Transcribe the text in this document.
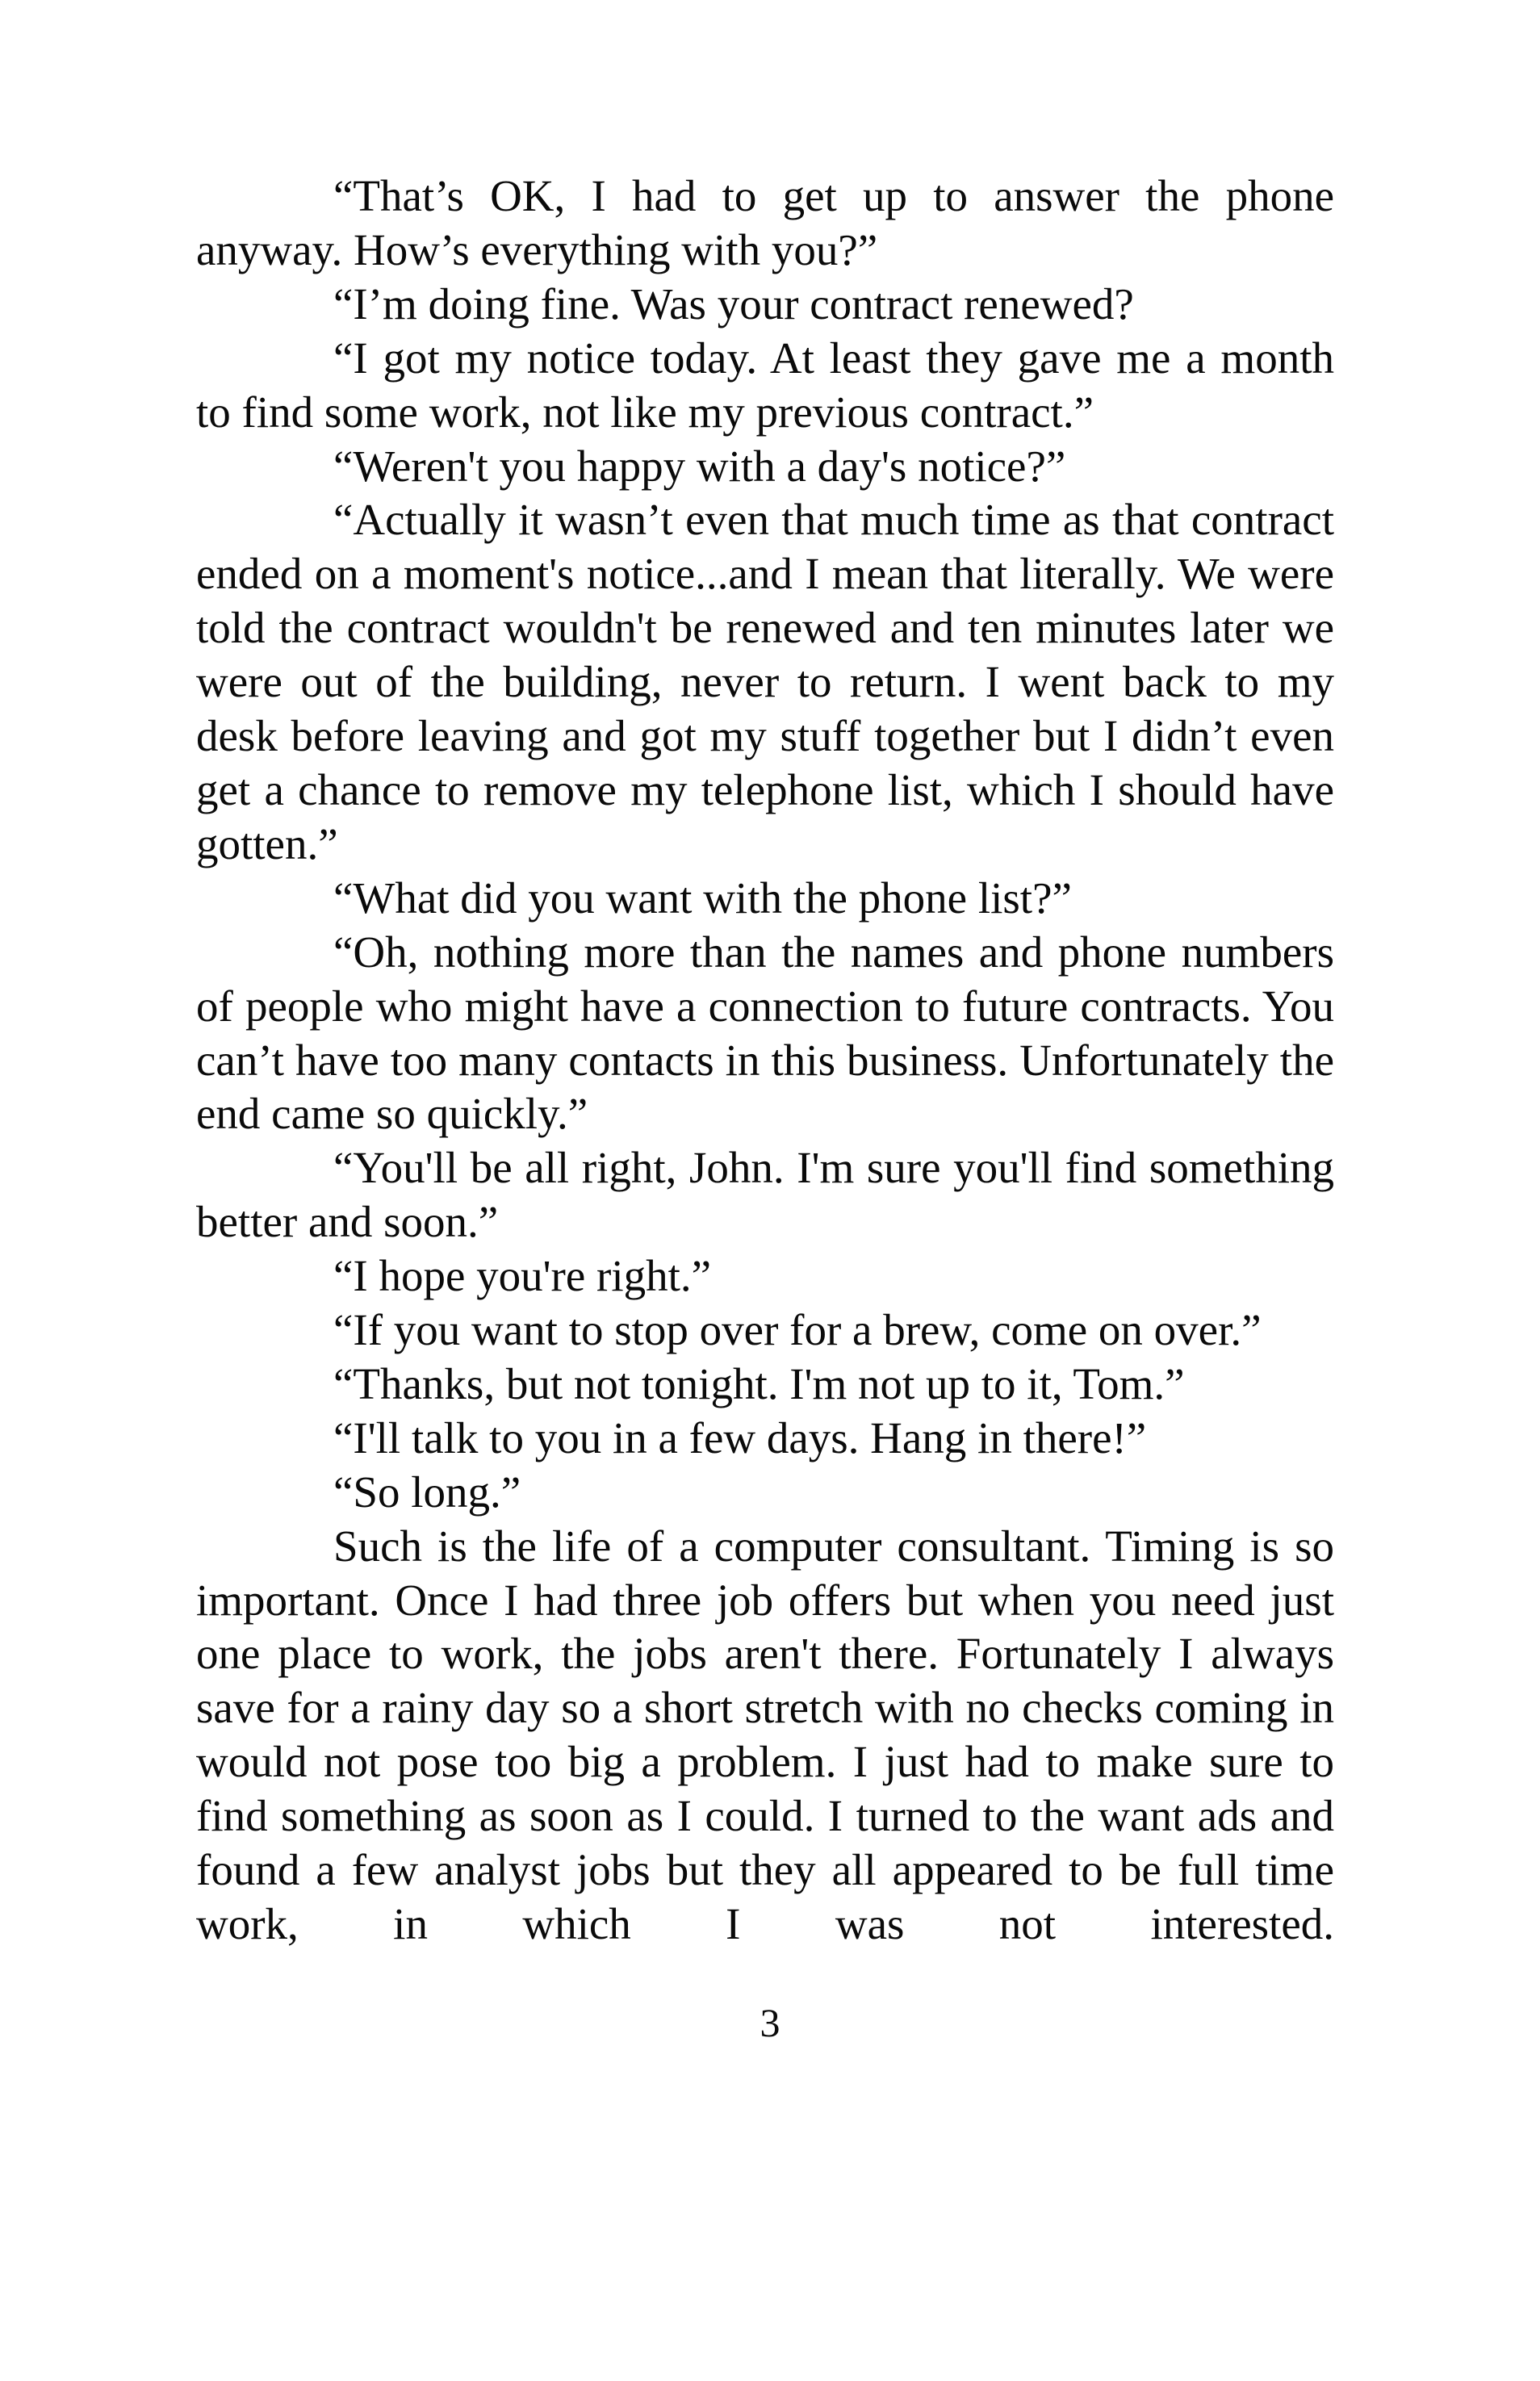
“That’s OK, I had to get up to answer the phone anyway. How’s everything with you?”

“I’m doing fine. Was your contract renewed?

“I got my notice today. At least they gave me a month to find some work, not like my previous contract.”

“Weren't you happy with a day's notice?”

“Actually it wasn’t even that much time as that contract ended on a moment's notice...and I mean that literally. We were told the contract wouldn't be renewed and ten minutes later we were out of the building, never to return. I went back to my desk before leaving and got my stuff together but I didn’t even get a chance to remove my telephone list, which I should have gotten.”

“What did you want with the phone list?”

“Oh, nothing more than the names and phone numbers of people who might have a connection to future contracts. You can’t have too many contacts in this business. Unfortunately the end came so quickly.”

“You'll be all right, John. I'm sure you'll find something better and soon.”

“I hope you're right.”

“If you want to stop over for a brew, come on over.”

“Thanks, but not tonight. I'm not up to it, Tom.”

“I'll talk to you in a few days. Hang in there!”

“So long.”

Such is the life of a computer consultant. Timing is so important. Once I had three job offers but when you need just one place to work, the jobs aren't there. Fortunately I always save for a rainy day so a short stretch with no checks coming in would not pose too big a problem. I just had to make sure to find something as soon as I could. I turned to the want ads and found a few analyst jobs but they all appeared to be full time work, in which I was not interested.

3
